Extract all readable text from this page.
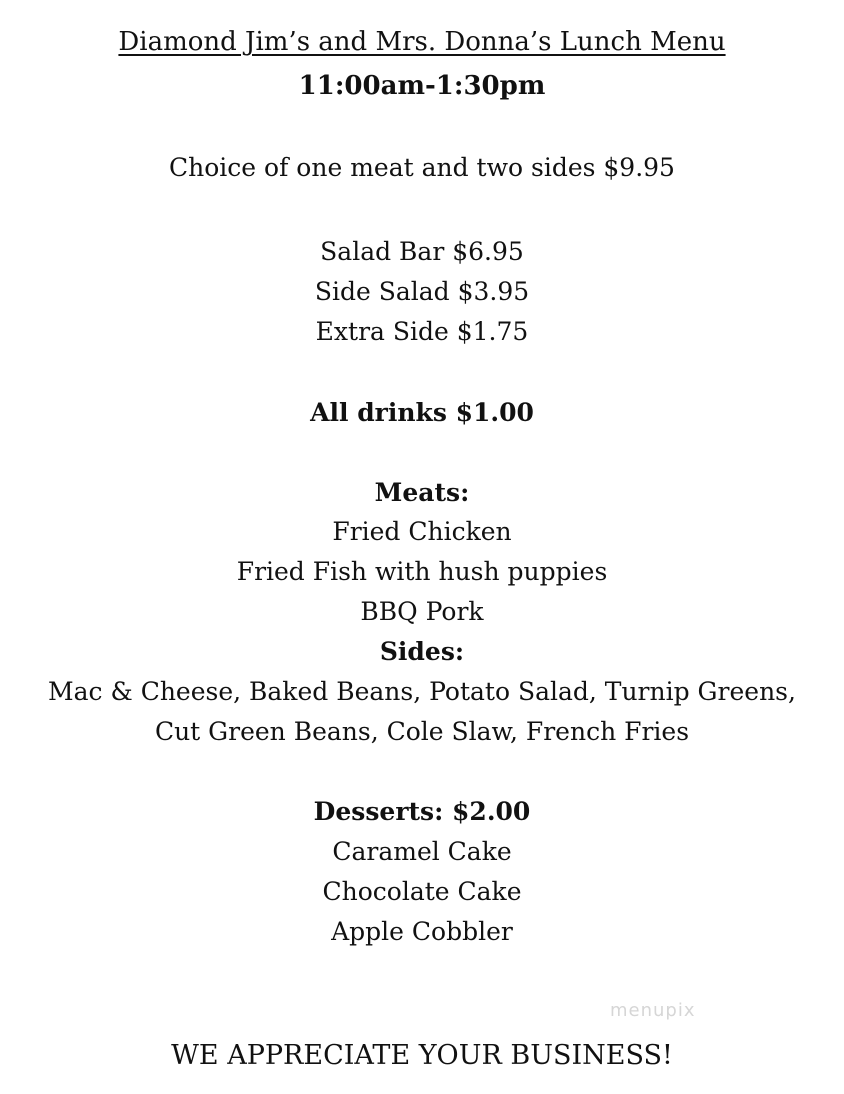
Diamond Jim’s and Mrs. Donna’s Lunch Menu
11:00am-1:30pm
Choice of one meat and two sides $9.95
Salad Bar $6.95
Side Salad $3.95
Extra Side $1.75
All drinks $1.00
Meats:
Fried Chicken
Fried Fish with hush puppies
BBQ Pork
Sides:
Mac & Cheese, Baked Beans, Potato Salad, Turnip Greens,
Cut Green Beans, Cole Slaw, French Fries
Desserts: $2.00
Caramel Cake
Chocolate Cake
Apple Cobbler
menupix
WE APPRECIATE YOUR BUSINESS!
